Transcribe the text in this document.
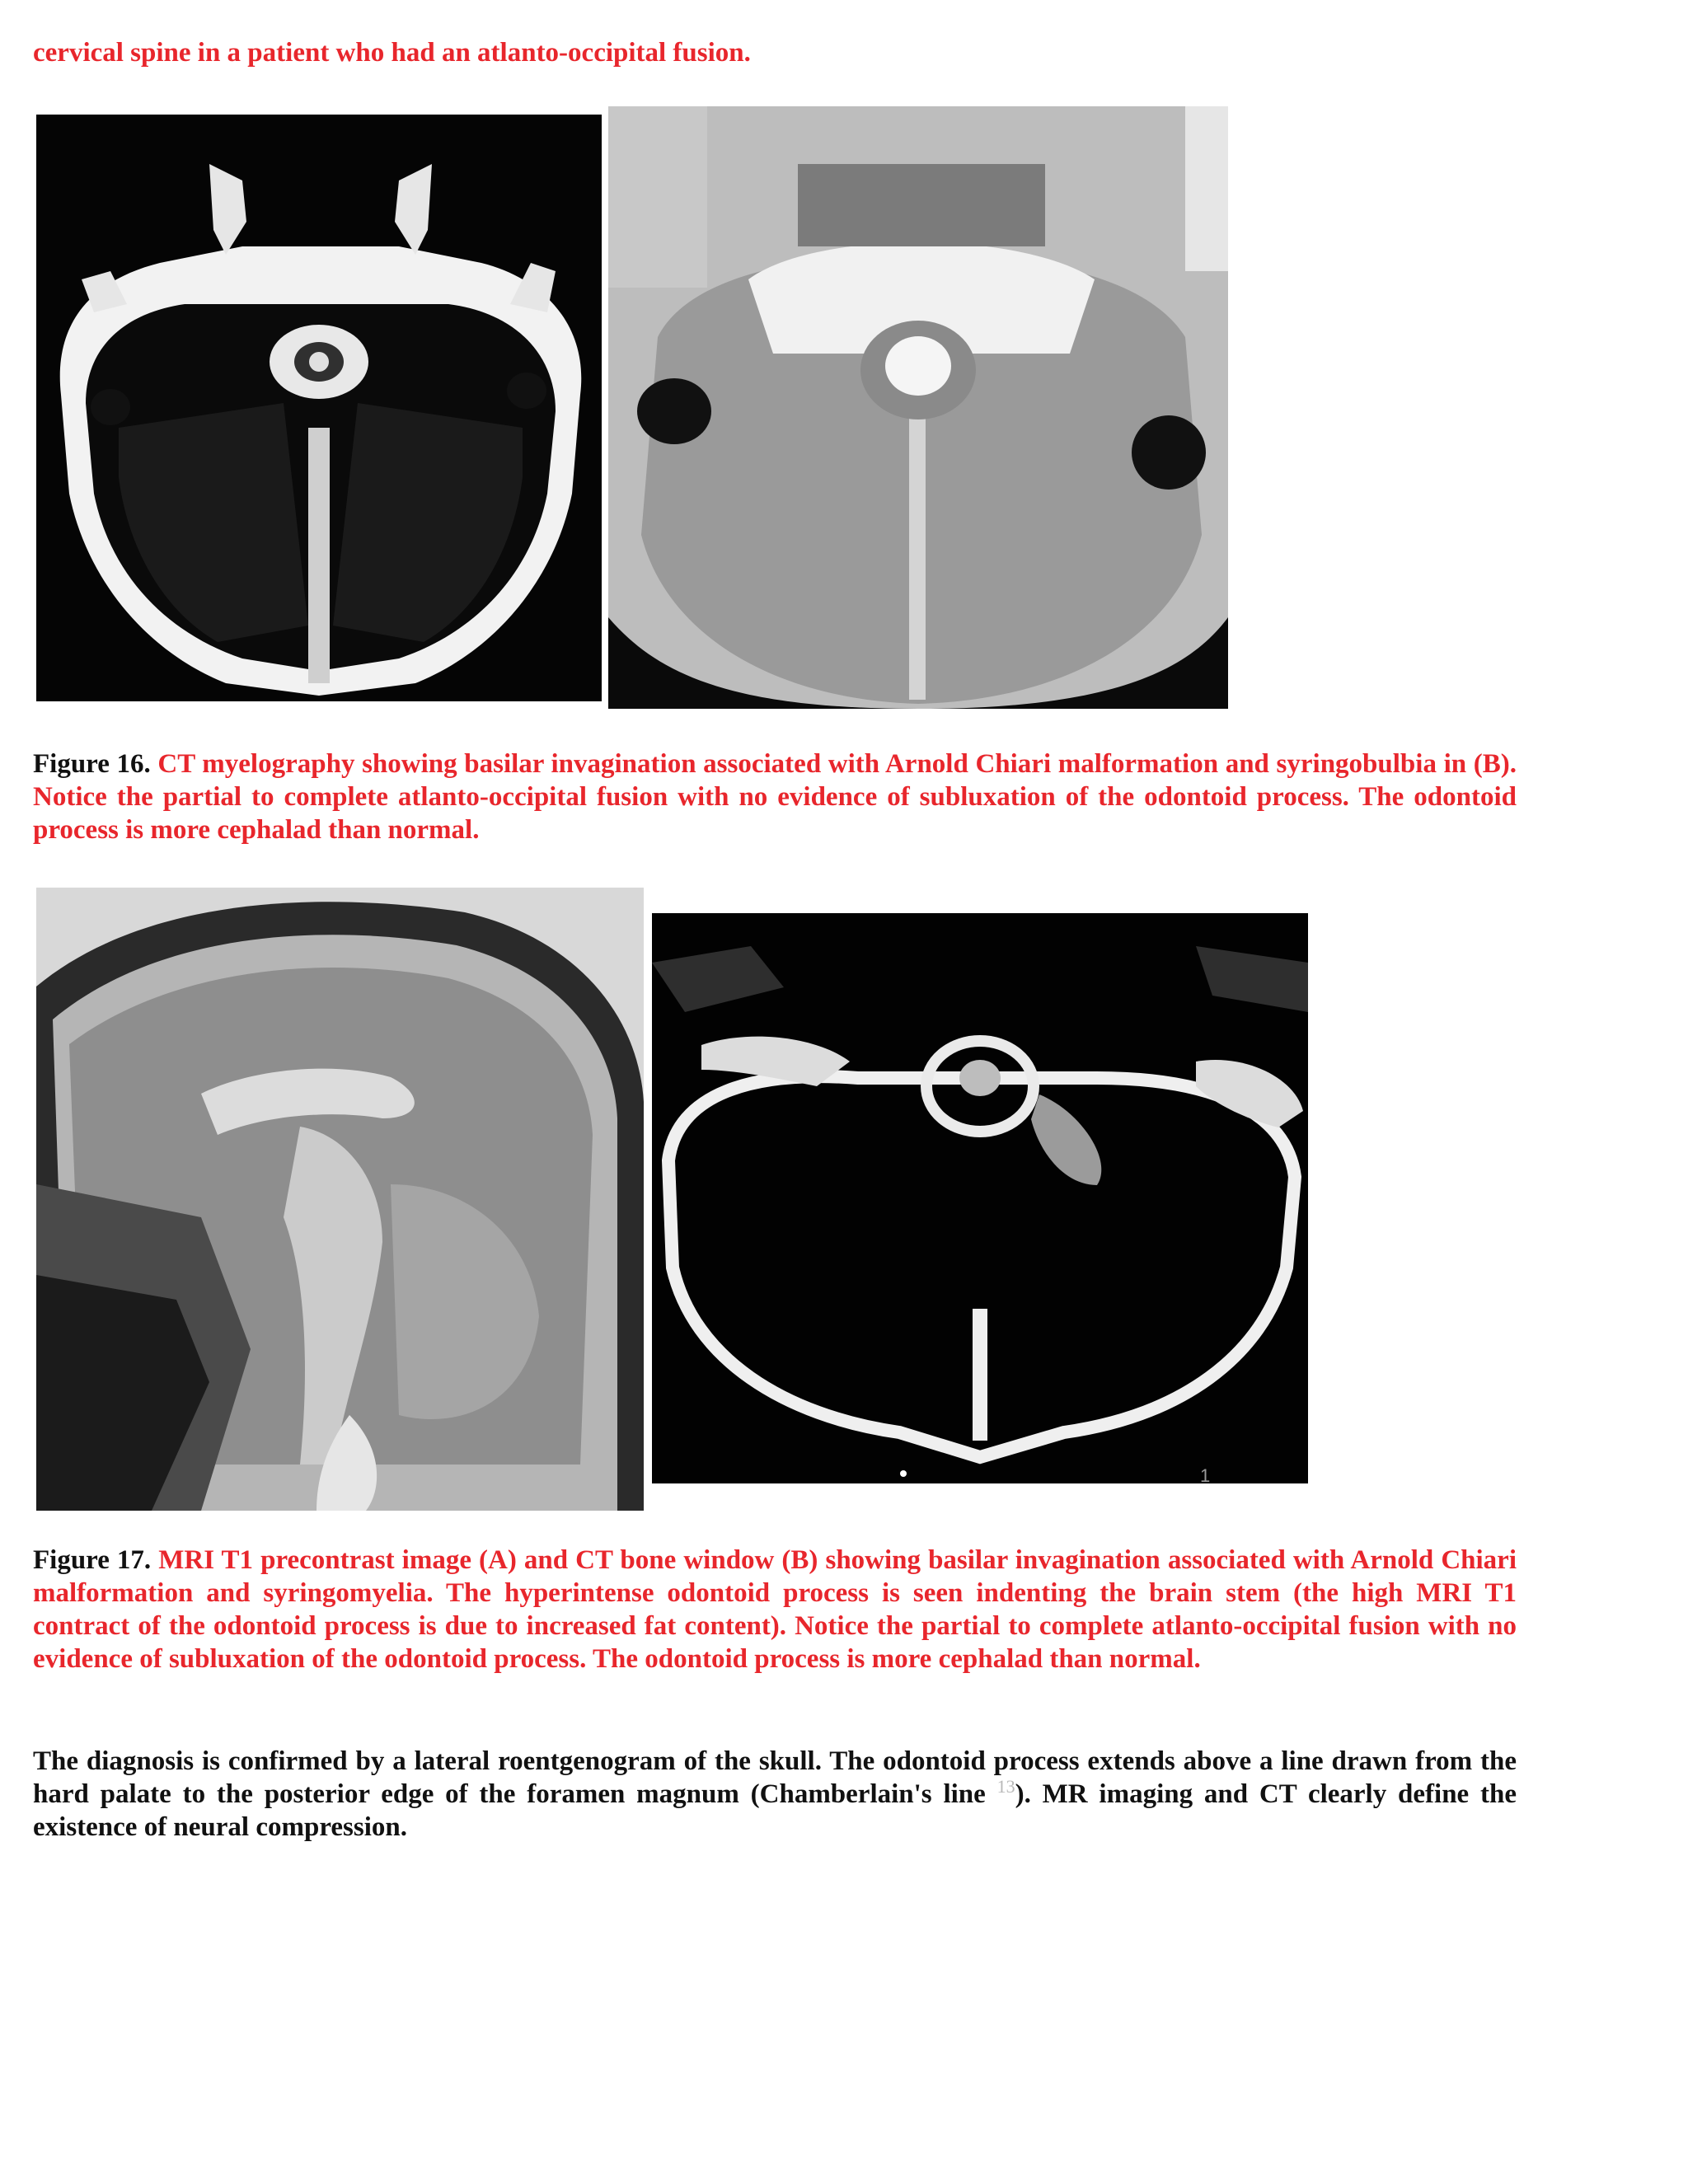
cervical spine in a patient who had an atlanto-occipital fusion.
Figure 16. CT myelography showing basilar invagination associated with Arnold Chiari malformation and syringobulbia in (B). Notice the partial to complete atlanto-occipital fusion with no evidence of subluxation of the odontoid process. The odontoid process is more cephalad than normal.
1
Figure 17. MRI T1 precontrast image (A) and CT bone window (B) showing basilar invagination associated with Arnold Chiari malformation and syringomyelia. The hyperintense odontoid process is seen indenting the brain stem (the high MRI T1 contract of the odontoid process is due to increased fat content). Notice the partial to complete atlanto-occipital fusion with no evidence of subluxation of the odontoid process. The odontoid process is more cephalad than normal.
The diagnosis is confirmed by a lateral roentgenogram of the skull. The odontoid process extends above a line drawn from the hard palate to the posterior edge of the foramen magnum (Chamberlain's line $^{13}$). MR imaging and CT clearly define the existence of neural compression.
